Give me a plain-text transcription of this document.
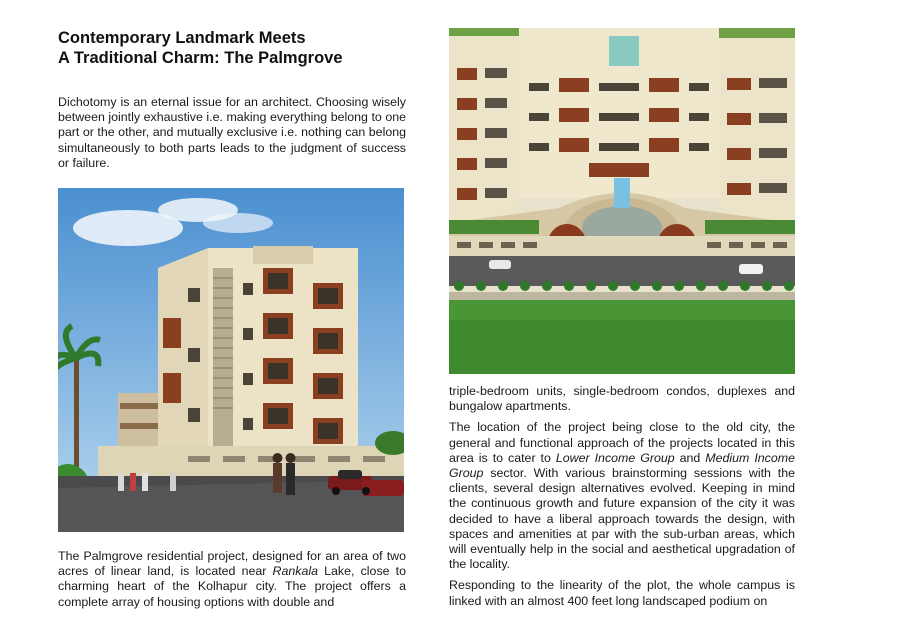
Contemporary Landmark Meets
A Traditional Charm: The Palmgrove

Dichotomy is an eternal issue for an architect. Choosing wisely between jointly exhaustive i.e. making everything belong to one part or the other, and mutually exclusive i.e. nothing can belong simultaneously to both parts leads to the judgment of success or failure.

The Palmgrove residential project, designed for an area of two acres of linear land, is located near Rankala Lake, close to charming heart of the Kolhapur city. The project offers a complete array of housing options with double and

triple-bedroom units, single-bedroom condos, duplexes and bungalow apartments.

The location of the project being close to the old city, the general and functional approach of the projects located in this area is to cater to Lower Income Group and Medium Income Group sector. With various brainstorming sessions with the clients, several design alternatives evolved. Keeping in mind the continuous growth and future expansion of the city it was decided to have a liberal approach towards the design, with spaces and amenities at par with the sub-urban areas, which will eventually help in the social and aesthetical upgradation of the locality.

Responding to the linearity of the plot, the whole campus is linked with an almost 400 feet long landscaped podium on
